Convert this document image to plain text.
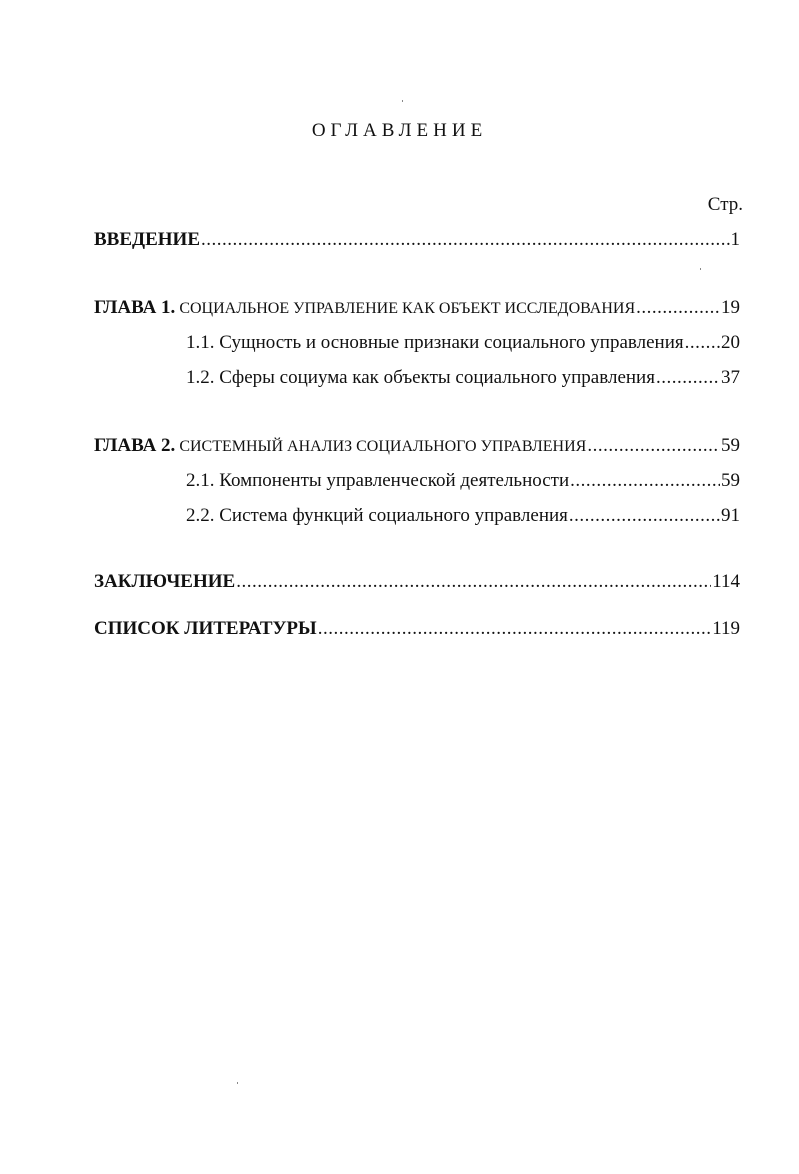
ОГЛАВЛЕНИЕ
Стр.
ВВЕДЕНИЕ .....	1
ГЛАВА 1. СОЦИАЛЬНОЕ УПРАВЛЕНИЕ КАК ОБЪЕКТ ИССЛЕДОВАНИЯ .....	19
1.1. Сущность и основные признаки социального управления ..... 20
1.2. Сферы социума как объекты социального управления .....	37
ГЛАВА 2. СИСТЕМНЫЙ АНАЛИЗ СОЦИАЛЬНОГО УПРАВЛЕНИЯ .....	59
2.1. Компоненты управленческой деятельности .....	59
2.2. Система функций социального управления .....	91
ЗАКЛЮЧЕНИЕ .....	114
СПИСОК ЛИТЕРАТУРЫ .....	119
